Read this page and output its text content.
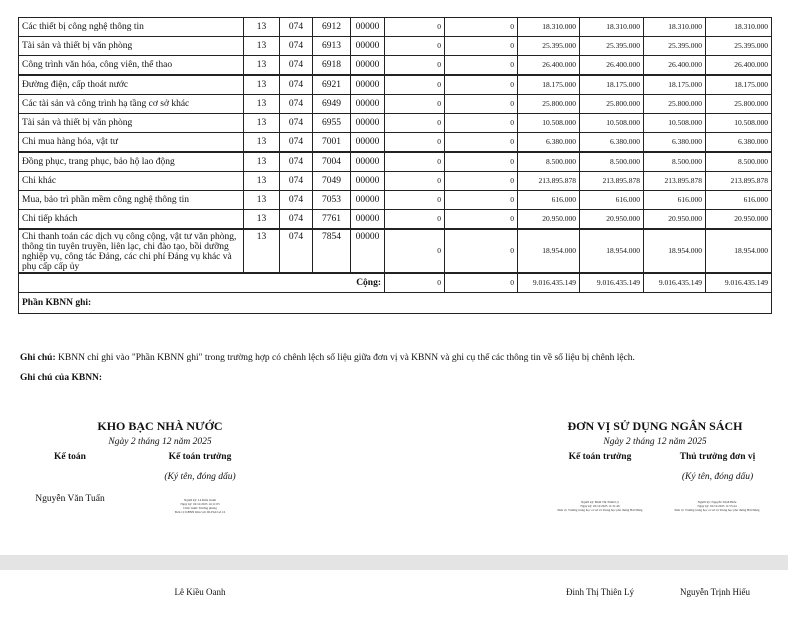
Các thiết bị công nghệ thông tin	13	074	6912	00000	0	0	18.310.000	18.310.000	18.310.000	18.310.000
Tài sản và thiết bị văn phòng	13	074	6913	00000	0	0	25.395.000	25.395.000	25.395.000	25.395.000
Công trình văn hóa, công viên, thể thao	13	074	6918	00000	0	0	26.400.000	26.400.000	26.400.000	26.400.000
Đường điện, cấp thoát nước	13	074	6921	00000	0	0	18.175.000	18.175.000	18.175.000	18.175.000
Các tài sản và công trình hạ tầng cơ sở khác	13	074	6949	00000	0	0	25.800.000	25.800.000	25.800.000	25.800.000
Tài sản và thiết bị văn phòng	13	074	6955	00000	0	0	10.508.000	10.508.000	10.508.000	10.508.000
Chi mua hàng hóa, vật tư	13	074	7001	00000	0	0	6.380.000	6.380.000	6.380.000	6.380.000
Đồng phục, trang phục, bảo hộ lao động	13	074	7004	00000	0	0	8.500.000	8.500.000	8.500.000	8.500.000
Chi khác	13	074	7049	00000	0	0	213.895.878	213.895.878	213.895.878	213.895.878
Mua, bảo trì phần mềm công nghệ thông tin	13	074	7053	00000	0	0	616.000	616.000	616.000	616.000
Chi tiếp khách	13	074	7761	00000	0	0	20.950.000	20.950.000	20.950.000	20.950.000
Chi thanh toán các dịch vụ công cộng, vật tư văn phòng, thông tin tuyên truyền, liên lạc, chi đào tạo, bồi dưỡng nghiệp vụ, công tác Đảng, các chi phí Đảng vụ khác và phụ cấp cấp ủy	13	074	7854	00000	0	0	18.954.000	18.954.000	18.954.000	18.954.000
Cộng:					0	0	9.016.435.149	9.016.435.149	9.016.435.149	9.016.435.149
Phần KBNN ghi:										
Ghi chú: KBNN chỉ ghi vào "Phần KBNN ghi" trong trường hợp có chênh lệch số liệu giữa đơn vị và KBNN và ghi cụ thể các thông tin về số liệu bị chênh lệch.
Ghi chú của KBNN:
KHO BẠC NHÀ NƯỚC
Ngày 2 tháng 12 năm 2025
Kế toán	Kế toán trưởng
(Ký tên, đóng dấu)
Nguyễn Văn Tuấn	Người ký: Lê Kiều Oanh
Ngày ký: 02/12/2025 14:11:05
Chức danh: Trưởng phòng
Đơn vị: KBNN Khu vực III-PGD số 16
ĐƠN VỊ SỬ DỤNG NGÂN SÁCH
Ngày 2 tháng 12 năm 2025
Kế toán trưởng	Thủ trưởng đơn vị
(Ký tên, đóng dấu)
Người ký: Đinh Thị Thiên Lý
Ngày ký: 02/12/2025 11:31:46
Đơn vị: Trường trung học cơ sở và Trung học phổ thông Hải Đông
Người ký: Nguyễn Trịnh Hiếu
Ngày ký: 02/12/2025 11:55:44
Đơn vị: Trường trung học cơ sở và Trung học phổ thông Hải Đông
Lê Kiều Oanh	Đinh Thị Thiên Lý	Nguyễn Trịnh Hiếu
